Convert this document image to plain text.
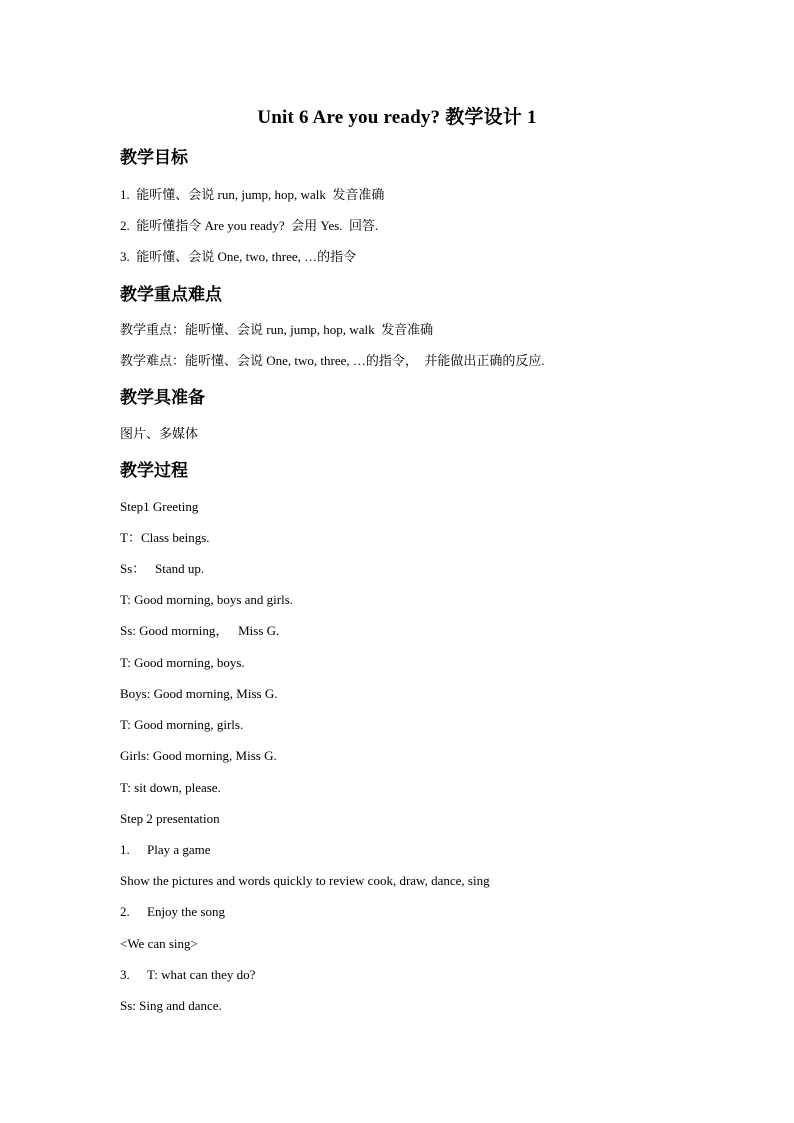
Unit 6 Are you ready? 教学设计 1
教学目标
1.  能听懂、会说 run, jump, hop, walk  发音准确
2.  能听懂指令 Are you ready?  会用 Yes.  回答.
3.  能听懂、会说 One, two, three, …的指令
教学重点难点
教学重点：能听懂、会说 run, jump, hop, walk  发音准确
教学难点：能听懂、会说 One, two, three, …的指令，  并能做出正确的反应.
教学具准备
图片、多媒体
教学过程
Step1 Greeting
T：Class beings.
Ss：   Stand up.
T: Good morning, boys and girls.
Ss: Good morning，   Miss G.
T: Good morning, boys.
Boys: Good morning, Miss G.
T: Good morning, girls.
Girls: Good morning, Miss G.
T: sit down, please.
Step 2 presentation
1. Play a game
Show the pictures and words quickly to review cook, draw, dance, sing
2. Enjoy the song
<We can sing>
3. T: what can they do?
Ss: Sing and dance.
